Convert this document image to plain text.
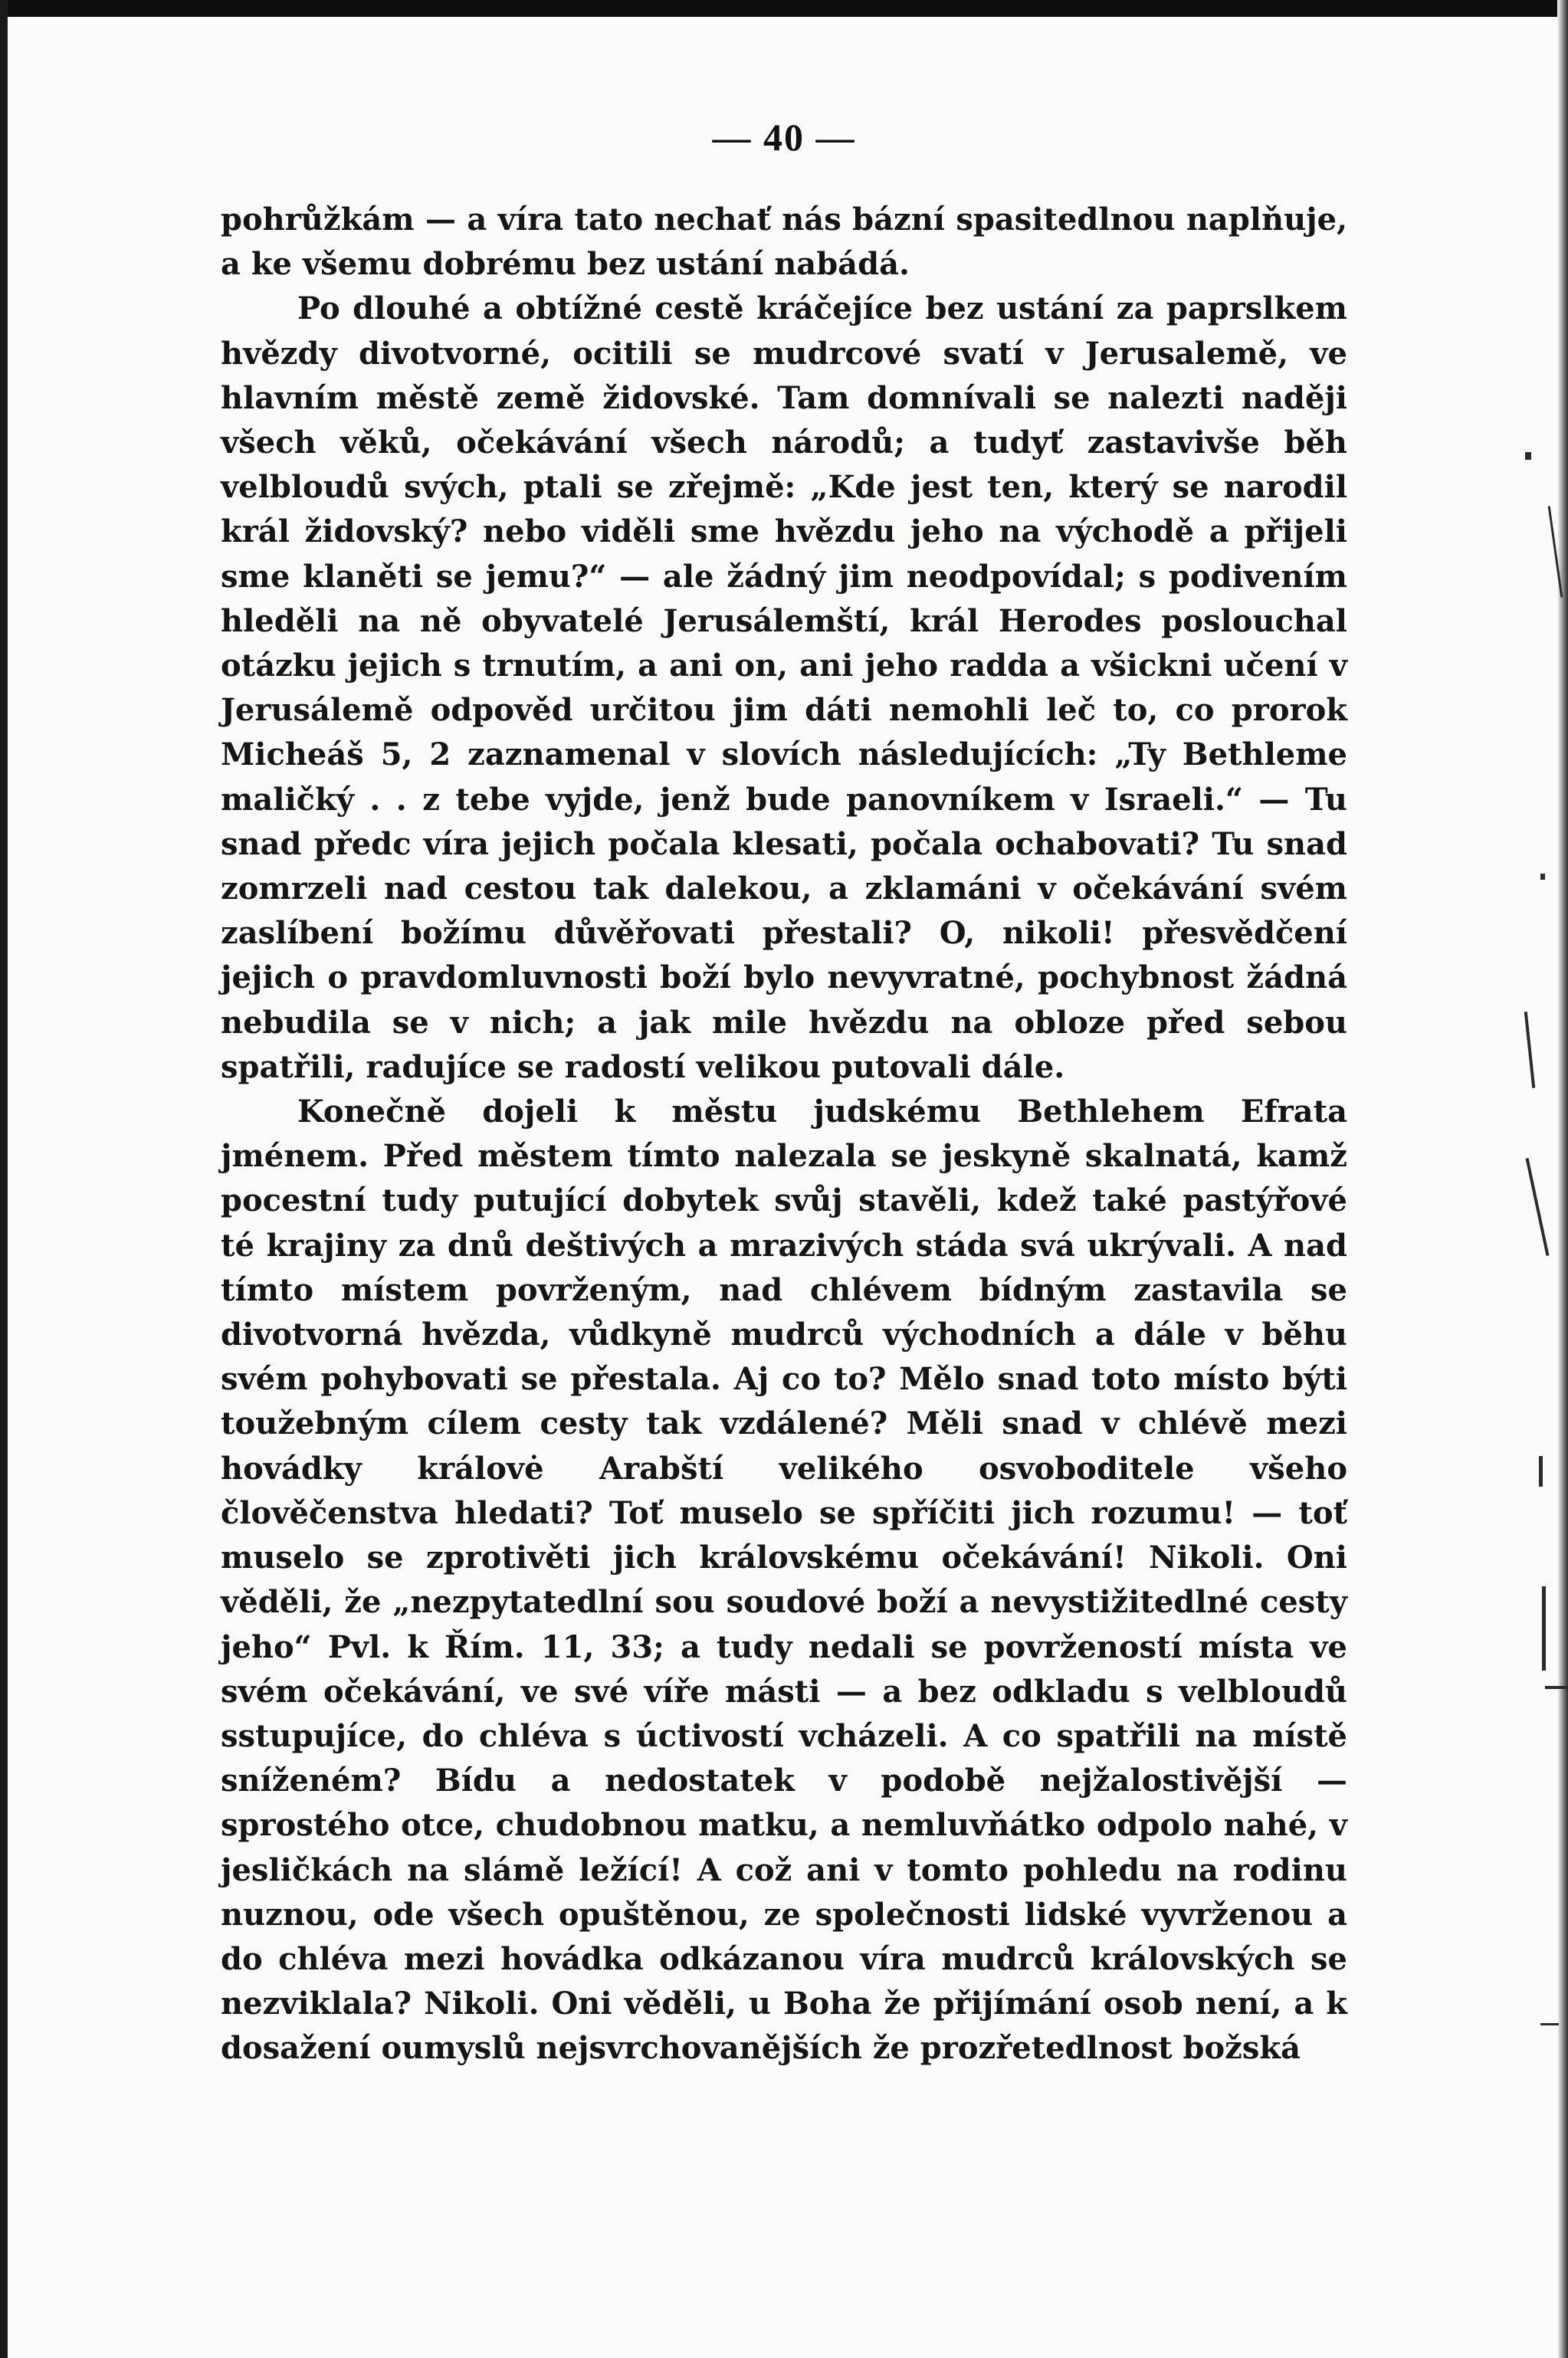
— 40 —

pohrůžkám — a víra tato nechať nás bázní spasitedlnou naplňuje, a ke všemu dobrému bez ustání nabádá.

Po dlouhé a obtížné cestě kráčejíce bez ustání za paprslkem hvězdy divotvorné, ocitili se mudrcové svatí v Jerusalemě, ve hlavním městě země židovské. Tam domnívali se nalezti naději všech věků, očekávání všech národů; a tudyť zastavivše běh velbloudů svých, ptali se zřejmě: „Kde jest ten, který se narodil král židovský? nebo viděli sme hvězdu jeho na východě a přijeli sme klaněti se jemu?“ — ale žádný jim neodpovídal; s podivením hleděli na ně obyvatelé Jerusálemští, král Herodes poslouchal otázku jejich s trnutím, a ani on, ani jeho radda a všickni učení v Jerusálemě odpověd určitou jim dáti nemohli leč to, co prorok Micheáš 5, 2 zaznamenal v slovích následujících: „Ty Bethleme maličký . . z tebe vyjde, jenž bude panovníkem v Israeli.“ — Tu snad předc víra jejich počala klesati, počala ochabovati? Tu snad zomrzeli nad cestou tak dalekou, a zklamáni v očekávání svém zaslíbení božímu důvěřovati přestali? O, nikoli! přesvědčení jejich o pravdomluvnosti boží bylo nevyvratné, pochybnost žádná nebudila se v nich; a jak mile hvězdu na obloze před sebou spatřili, radujíce se radostí velikou putovali dále.

Konečně dojeli k městu judskému Bethlehem Efrata jménem. Před městem tímto nalezala se jeskyně skalnatá, kamž pocestní tudy putující dobytek svůj stavěli, kdež také pastýřové té krajiny za dnů deštivých a mrazivých stáda svá ukrývali. A nad tímto místem povrženým, nad chlévem bídným zastavila se divotvorná hvězda, vůdkyně mudrců východních a dále v běhu svém pohybovati se přestala. Aj co to? Mělo snad toto místo býti toužebným cílem cesty tak vzdálené? Měli snad v chlévě mezi hovádky královė Arabští velikého osvoboditele všeho člověčenstva hledati? Toť muselo se spříčiti jich rozumu! — toť muselo se zprotivěti jich královskému očekávání! Nikoli. Oni věděli, že „nezpytatedlní sou soudové boží a nevystižitedlné cesty jeho“ Pvl. k Řím. 11, 33; a tudy nedali se povržeností místa ve svém očekávání, ve své víře másti — a bez odkladu s velbloudů sstupujíce, do chléva s úctivostí vcházeli. A co spatřili na místě sníženém? Bídu a nedostatek v podobě nejžalostivější — sprostého otce, chudobnou matku, a nemluvňátko odpolo nahé, v jesličkách na slámě ležící! A což ani v tomto pohledu na rodinu nuznou, ode všech opuštěnou, ze společnosti lidské vyvrženou a do chléva mezi hovádka odkázanou víra mudrců královských se nezviklala? Nikoli. Oni věděli, u Boha že přijímání osob není, a k dosažení oumyslů nejsvrchovanějších že prozřetedlnost božská
